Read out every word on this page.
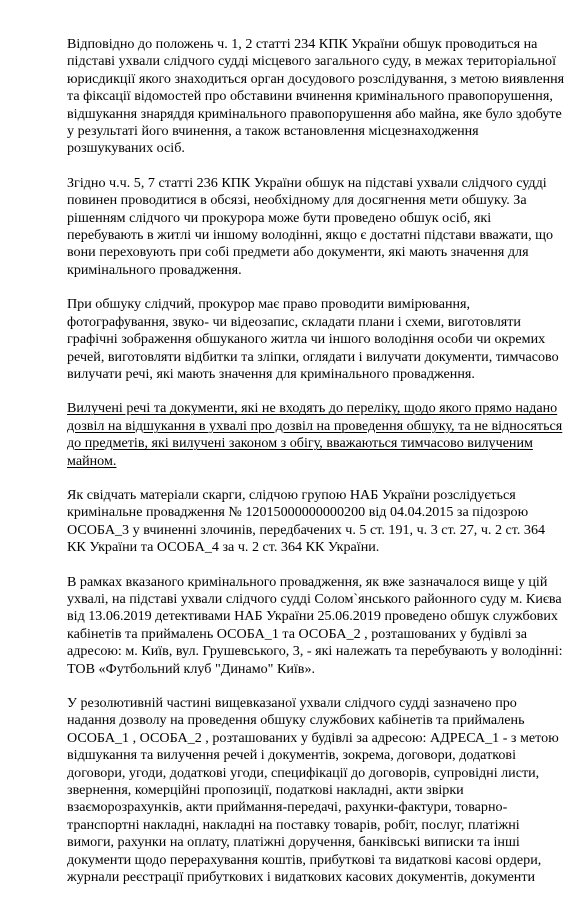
Відповідно до положень ч. 1, 2 статті 234 КПК України обшук проводиться на
підставі ухвали слідчого судді місцевого загального суду, в межах територіальної
юрисдикції якого знаходиться орган досудового розслідування, з метою виявлення
та фіксації відомостей про обставини вчинення кримінального правопорушення,
відшукання знаряддя кримінального правопорушення або майна, яке було здобуте
у результаті його вчинення, а також встановлення місцезнаходження
розшукуваних осіб.
Згідно ч.ч. 5, 7 статті 236 КПК України обшук на підставі ухвали слідчого судді
повинен проводитися в обсязі, необхідному для досягнення мети обшуку. За
рішенням слідчого чи прокурора може бути проведено обшук осіб, які
перебувають в житлі чи іншому володінні, якщо є достатні підстави вважати, що
вони переховують при собі предмети або документи, які мають значення для
кримінального провадження.
При обшуку слідчий, прокурор має право проводити вимірювання,
фотографування, звуко- чи відеозапис, складати плани і схеми, виготовляти
графічні зображення обшуканого житла чи іншого володіння особи чи окремих
речей, виготовляти відбитки та зліпки, оглядати і вилучати документи, тимчасово
вилучати речі, які мають значення для кримінального провадження.
Вилучені речі та документи, які не входять до переліку, щодо якого прямо надано
дозвіл на відшукання в ухвалі про дозвіл на проведення обшуку, та не відносяться
до предметів, які вилучені законом з обігу, вважаються тимчасово вилученим
майном.
Як свідчать матеріали скарги, слідчою групою НАБ України розслідується
кримінальне провадження № 12015000000000200 від 04.04.2015 за підозрою
ОСОБА_3 у вчиненні злочинів, передбачених ч. 5 ст. 191, ч. 3 ст. 27, ч. 2 ст. 364
КК України та ОСОБА_4 за ч. 2 ст. 364 КК України.
В рамках вказаного кримінального провадження, як вже зазначалося вище у цій
ухвалі, на підставі ухвали слідчого судді Солом`янського районного суду м. Києва
від 13.06.2019 детективами НАБ України 25.06.2019 проведено обшук службових
кабінетів та приймалень ОСОБА_1 та ОСОБА_2 , розташованих у будівлі за
адресою: м. Київ, вул. Грушевського, 3, - які належать та перебувають у володінні:
ТОВ «Футбольний клуб "Динамо" Київ».
У резолютивній частині вищевказаної ухвали слідчого судді зазначено про
надання дозволу на проведення обшуку службових кабінетів та приймалень
ОСОБА_1 , ОСОБА_2 , розташованих у будівлі за адресою: АДРЕСА_1 - з метою
відшукання та вилучення речей і документів, зокрема, договори, додаткові
договори, угоди, додаткові угоди, специфікації до договорів, супровідні листи,
звернення, комерційні пропозиції, податкові накладні, акти звірки
взаєморозрахунків, акти приймання-передачі, рахунки-фактури, товарно-
транспортні накладні, накладні на поставку товарів, робіт, послуг, платіжні
вимоги, рахунки на оплату, платіжні доручення, банківські виписки та інші
документи щодо перерахування коштів, прибуткові та видаткові касові ордери,
журнали реєстрації прибуткових і видаткових касових документів, документи
